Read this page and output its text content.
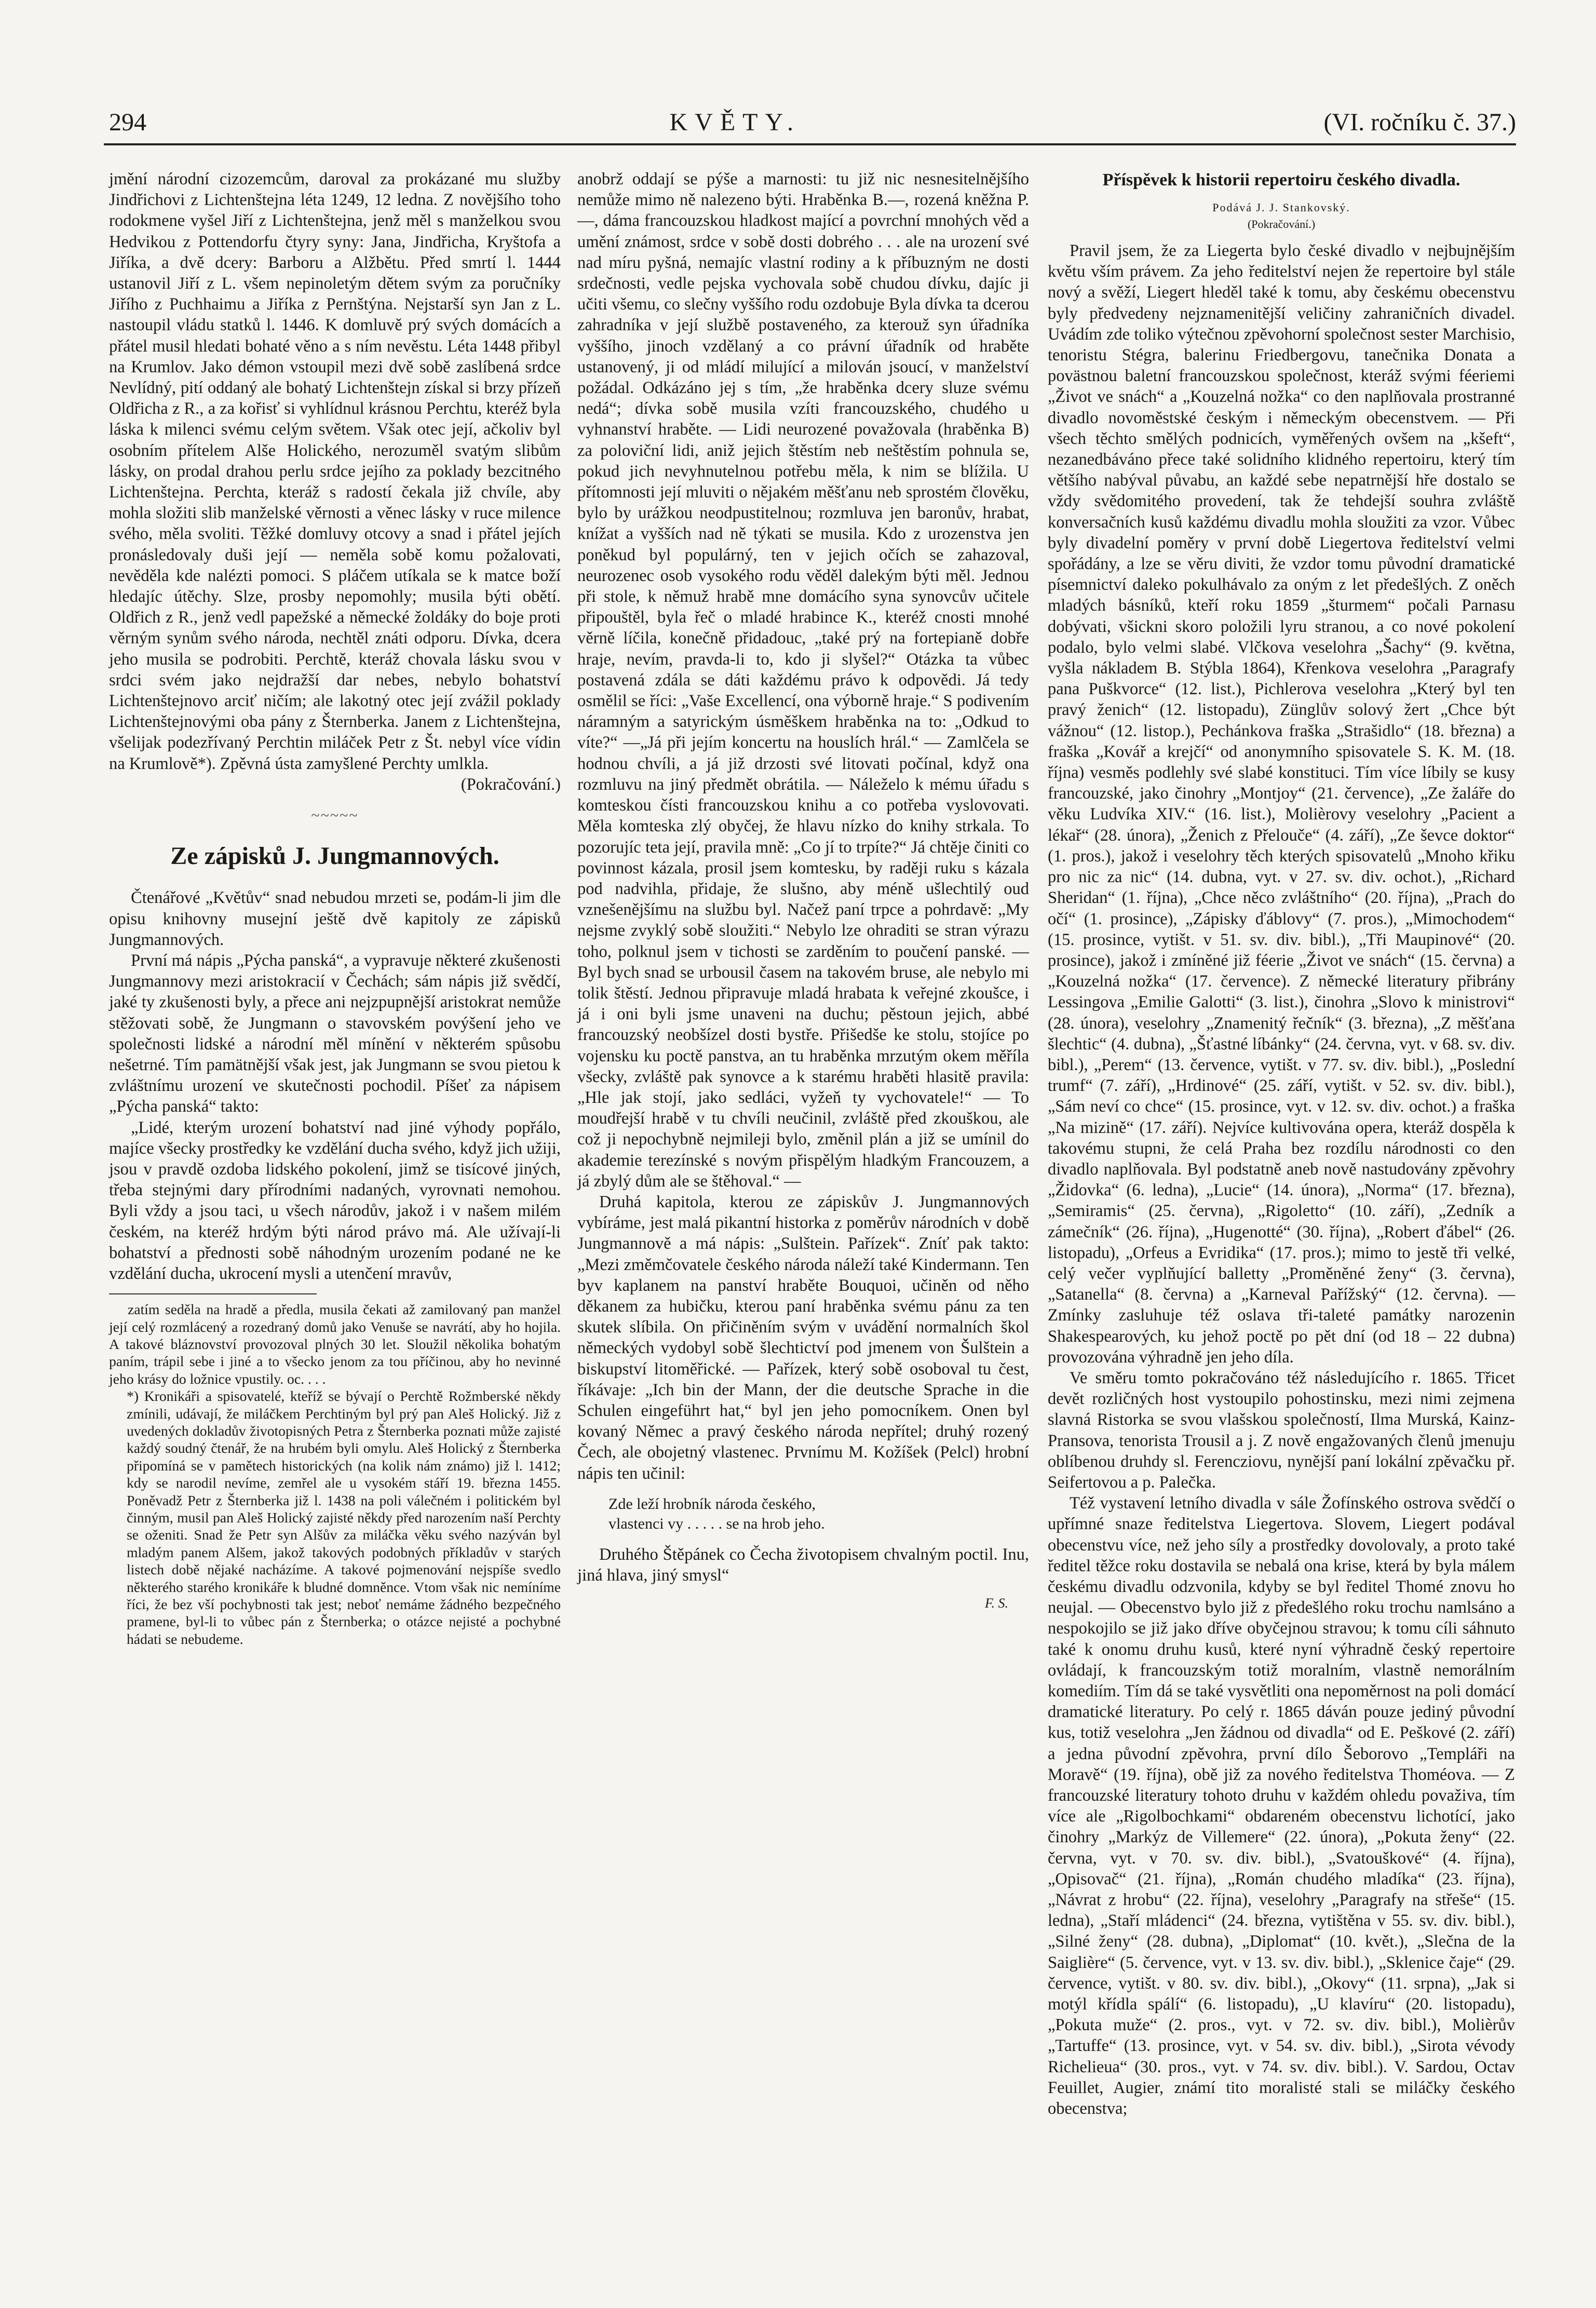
294	KVĚTY.	(VI. ročníku č. 37.)

jmění národní cizozemcům, daroval za prokázané mu služby Jindřichovi z Lichtenštejna léta 1249, 12 ledna. Z novějšího toho rodokmene vyšel Jiří z Lichtenštejna, jenž měl s manželkou svou Hedvikou z Pottendorfu čtyry syny: Jana, Jindřicha, Kryštofa a Jiříka, a dvě dcery: Barboru a Alžbětu. Před smrtí l. 1444 ustanovil Jiří z L. všem nepinoletým dětem svým za poručníky Jiřího z Puchhaimu a Jiříka z Pernštýna. Nejstarší syn Jan z L. nastoupil vládu statků l. 1446. K domluvě prý svých domácích a přátel musil hledati bohaté věno a s ním nevěstu. Léta 1448 přibyl na Krumlov. Jako démon vstoupil mezi dvě sobě zaslíbená srdce Nevlídný, pití oddaný ale bohatý Lichtenštejn získal si brzy přízeň Oldřicha z R., a za kořisť si vyhlídnul krásnou Perchtu, kteréž byla láska k milenci svému celým světem. Však otec její, ačkoliv byl osobním přítelem Alše Holického, nerozuměl svatým slibům lásky, on prodal drahou perlu srdce jejího za poklady bezcitného Lichtenštejna. Perchta, kteráž s radostí čekala již chvíle, aby mohla složiti slib manželské věrnosti a věnec lásky v ruce milence svého, měla svoliti. Těžké domluvy otcovy a snad i přátel jejích pronásledovaly duši její — neměla sobě komu požalovati, nevěděla kde nalézti pomoci. S pláčem utíkala se k matce boží hledajíc útěchy. Slze, prosby nepomohly; musila býti obětí. Oldřich z R., jenž vedl papežské a německé žoldáky do boje proti věrným synům svého národa, nechtěl znáti odporu. Dívka, dcera jeho musila se podrobiti. Perchtě, kteráž chovala lásku svou v srdci svém jako nejdražší dar nebes, nebylo bohatství Lichtenštejnovo arciť ničím; ale lakotný otec její zvážil poklady Lichtenštejnovými oba pány z Šternberka. Janem z Lichtenštejna, všelijak podezřívaný Perchtin miláček Petr z Št. nebyl více vídin na Krumlově*). Zpěvná ústa zamyšlené Perchty umlkla.

(Pokračování.)

~~~~~
Ze zápisků J. Jungmannových.

Čtenářové „Květův“ snad nebudou mrzeti se, podám-li jim dle opisu knihovny musejní ještě dvě kapitoly ze zápisků Jungmannových.

První má nápis „Pýcha panská“, a vypravuje některé zkušenosti Jungmannovy mezi aristokracií v Čechách; sám nápis již svědčí, jaké ty zkušenosti byly, a přece ani nejzpupnější aristokrat nemůže stěžovati sobě, že Jungmann o stavovském povýšení jeho ve společnosti lidské a národní měl mínění v některém spůsobu nešetrné. Tím pamätnější však jest, jak Jungmann se svou pietou k zvláštnímu urození ve skutečnosti pochodil. Píšeť za nápisem „Pýcha panská“ takto:

„Lidé, kterým urození bohatství nad jiné výhody popřálo, majíce všecky prostředky ke vzdělání ducha svého, když jich užiji, jsou v pravdě ozdoba lidského pokolení, jimž se tisícové jiných, třeba stejnými dary přírodními nadaných, vyrovnati nemohou. Byli vždy a jsou taci, u všech národův, jakož i v našem milém českém, na kteréž hrdým býti národ právo má. Ale užívají-li bohatství a přednosti sobě náhodným urozením podané ne ke vzdělání ducha, ukrocení mysli a utenčení mravův,

zatím seděla na hradě a předla, musila čekati až zamilovaný pan manžel její celý rozmlácený a rozedraný domů jako Venuše se navrátí, aby ho hojila. A takové bláznovství provozoval plných 30 let. Sloužil několika bohatým paním, trápil sebe i jiné a to všecko jenom za tou příčinou, aby ho nevinné jeho krásy do ložnice vpustily. oc. . . .

*) Kronikáři a spisovatelé, kteříž se bývají o Perchtě Rožmberské někdy zmínili, udávají, že miláčkem Perchtiným byl prý pan Aleš Holický. Již z uvedených dokladův životopisných Petra z Šternberka poznati může zajisté každý soudný čtenář, že na hrubém byli omylu. Aleš Holický z Šternberka připomíná se v pamětech historických (na kolik nám známo) již l. 1412; kdy se narodil nevíme, zemřel ale u vysokém stáří 19. března 1455. Poněvadž Petr z Šternberka již l. 1438 na poli válečném i politickém byl činným, musil pan Aleš Holický zajisté někdy před narozením naší Perchty se oženiti. Snad že Petr syn Alšův za miláčka věku svého nazýván byl mladým panem Alšem, jakož takových podobných příkladův v starých listech době nějaké nacházíme. A takové pojmenování nejspíše svedlo některého starého kronikáře k bludné domněnce. Vtom však nic nemíníme říci, že bez vší pochybnosti tak jest; neboť nemáme žádného bezpečného pramene, byl-li to vůbec pán z Šternberka; o otázce nejisté a pochybné hádati se nebudeme.

anobrž oddají se pýše a marnosti: tu již nic nesnesitelnějšího nemůže mimo ně nalezeno býti. Hraběnka B.—, rozená kněžna P.—, dáma francouzskou hladkost mající a povrchní mnohých věd a umění známost, srdce v sobě dosti dobrého . . . ale na urození své nad míru pyšná, nemajíc vlastní rodiny a k příbuzným ne dosti srdečnosti, vedle pejska vychovala sobě chudou dívku, dajíc ji učiti všemu, co slečny vyššího rodu ozdobuje Byla dívka ta dcerou zahradníka v její službě postaveného, za kterouž syn úřadníka vyššího, jinoch vzdělaný a co právní úřadník od hraběte ustanovený, ji od mládí milující a milován jsoucí, v manželství požádal. Odkázáno jej s tím, „že hraběnka dcery sluze svému nedá“; dívka sobě musila vzíti francouzského, chudého u vyhnanství hraběte. — Lidi neurozené považovala (hraběnka B) za poloviční lidi, aniž jejich štěstím neb neštěstím pohnula se, pokud jich nevyhnutelnou potřebu měla, k nim se blížila. U přítomnosti její mluviti o nějakém měšťanu neb sprostém člověku, bylo by urážkou neodpustitelnou; rozmluva jen baronův, hrabat, knížat a vyšších nad ně týkati se musila. Kdo z urozenstva jen poněkud byl populárný, ten v jejich očích se zahazoval, neurozenec osob vysokého rodu věděl dalekým býti měl. Jednou při stole, k němuž hrabě mne domácího syna synovcův učitele připouštěl, byla řeč o mladé hrabince K., kteréž cnosti mnohé věrně líčila, konečně přidadouc, „také prý na fortepianě dobře hraje, nevím, pravda-li to, kdo ji slyšel?“ Otázka ta vůbec postavená zdála se dáti každému právo k odpovědi. Já tedy osmělil se říci: „Vaše Excellencí, ona výborně hraje.“ S podivením náramným a satyrickým úsměškem hraběnka na to: „Odkud to víte?“ —„Já při jejím koncertu na houslích hrál.“ — Zamlčela se hodnou chvíli, a já již drzosti své litovati počínal, když ona rozmluvu na jiný předmět obrátila. — Náleželo k mému úřadu s komteskou čísti francouzskou knihu a co potřeba vyslovovati. Měla komteska zlý obyčej, že hlavu nízko do knihy strkala. To pozorujíc teta její, pravila mně: „Co jí to trpíte?“ Já chtěje činiti co povinnost kázala, prosil jsem komtesku, by raději ruku s kázala pod nadvihla, přidaje, že slušno, aby méně ušlechtilý oud vznešenějšímu na službu byl. Načež paní trpce a pohrdavě: „My nejsme zvyklý sobě sloužiti.“ Nebylo lze ohraditi se stran výrazu toho, polknul jsem v tichosti se zarděním to poučení panské. — Byl bych snad se urbousil časem na takovém bruse, ale nebylo mi tolik štěstí. Jednou připravuje mladá hrabata k veřejné zkoušce, i já i oni byli jsme unaveni na duchu; pěstoun jejich, abbé francouzský neobšízel dosti bystře. Přišedše ke stolu, stojíce po vojensku ku poctě panstva, an tu hraběnka mrzutým okem měříla všecky, zvláště pak synovce a k starému hraběti hlasitě pravila: „Hle jak stojí, jako sedláci, vyžeň ty vychovatele!“ — To moudřejší hrabě v tu chvíli neučinil, zvláště před zkouškou, ale což ji nepochybně nejmileji bylo, změnil plán a již se umínil do akademie terezínské s novým přispělým hladkým Francouzem, a já zbylý dům ale se štěhoval.“ —

Druhá kapitola, kterou ze zápiskův J. Jungmannových vybíráme, jest malá pikantní historka z poměrův národních v době Jungmannově a má nápis: „Sulštein. Pařízek“. Zníť pak takto: „Mezi změmčovatele českého národa náleží také Kindermann. Ten byv kaplanem na panství hraběte Bouquoi, učiněn od něho děkanem za hubičku, kterou paní hraběnka svému pánu za ten skutek slíbila. On přičiněním svým v uvádění normalních škol německých vydobyl sobě šlechtictví pod jmenem von Šulštein a biskupství litoměřické. — Pařízek, který sobě osoboval tu čest, říkávaje: „Ich bin der Mann, der die deutsche Sprache in die Schulen eingeführt hat,“ byl jen jeho pomocníkem. Onen byl kovaný Němec a pravý českého národa nepřítel; druhý rozený Čech, ale obojetný vlastenec. Prvnímu M. Kožíšek (Pelcl) hrobní nápis ten učinil:

Zde leží hrobník národa českého,
vlastenci vy . . . . . se na hrob jeho.

Druhého Štěpánek co Čecha životopisem chvalným poctil. Inu, jiná hlava, jiný smysl“

F. S.
Příspěvek k historii repertoiru českého divadla.
Podává J. J. Stankovský.
(Pokračování.)

Pravil jsem, že za Liegerta bylo české divadlo v nejbujnějším květu vším právem. Za jeho ředitelství nejen že repertoire byl stále nový a svěží, Liegert hleděl také k tomu, aby českému obecenstvu byly předvedeny nejznamenitější veličiny zahraničních divadel. Uvádím zde toliko výtečnou zpěvohorní společnost sester Marchisio, tenoristu Stégra, balerinu Friedbergovu, tanečnika Donata a povästnou baletní francouzskou společnost, kteráž svými féeriemi „Život ve snách“ a „Kouzelná nožka“ co den naplňovala prostranné divadlo novoměstské českým i německým obecenstvem. — Při všech těchto smělých podnicích, vyměřených ovšem na „kšeft“, nezanedbáváno přece také solidního klidného repertoiru, který tím většího nabýval půvabu, an každé sebe nepatrnější hře dostalo se vždy svědomitého provedení, tak že tehdejší souhra zvláště konversačních kusů každému divadlu mohla sloužiti za vzor. Vůbec byly divadelní poměry v první době Liegertova ředitelství velmi spořádány, a lze se věru diviti, že vzdor tomu původní dramatické písemnictví daleko pokulhávalo za oným z let předešlých. Z oněch mladých básníků, kteří roku 1859 „šturmem“ počali Parnasu dobývati, všickni skoro položili lyru stranou, a co nové pokolení podalo, bylo velmi slabé. Vlčkova veselohra „Šachy“ (9. května, vyšla nákladem B. Stýbla 1864), Křenkova veselohra „Paragrafy pana Puškvorce“ (12. list.), Pichlerova veselohra „Který byl ten pravý ženich“ (12. listopadu), Zünglův solový žert „Chce být vážnou“ (12. listop.), Pechánkova fraška „Strašidlo“ (18. března) a fraška „Kovář a krejčí“ od anonymního spisovatele S. K. M. (18. října) vesměs podlehly své slabé konstituci. Tím více líbily se kusy francouzské, jako činohry „Montjoy“ (21. července), „Ze žaláře do věku Ludvíka XIV.“ (16. list.), Molièrovy veselohry „Pacient a lékař“ (28. února), „Ženich z Přelouče“ (4. září), „Ze ševce doktor“ (1. pros.), jakož i veselohry těch kterých spisovatelů „Mnoho křiku pro nic za nic“ (14. dubna, vyt. v 27. sv. div. ochot.), „Richard Sheridan“ (1. října), „Chce něco zvláštního“ (20. října), „Prach do očí“ (1. prosince), „Zápisky ďáblovy“ (7. pros.), „Mimochodem“ (15. prosince, vytišt. v 51. sv. div. bibl.), „Tři Maupinové“ (20. prosince), jakož i zmíněné již féerie „Život ve snách“ (15. června) a „Kouzelná nožka“ (17. července). Z německé literatury přibrány Lessingova „Emilie Galotti“ (3. list.), činohra „Slovo k ministrovi“ (28. února), veselohry „Znamenitý řečník“ (3. března), „Z měšťana šlechtic“ (4. dubna), „Šťastné líbánky“ (24. června, vyt. v 68. sv. div. bibl.), „Perem“ (13. července, vytišt. v 77. sv. div. bibl.), „Poslední trumf“ (7. září), „Hrdinové“ (25. září, vytišt. v 52. sv. div. bibl.), „Sám neví co chce“ (15. prosince, vyt. v 12. sv. div. ochot.) a fraška „Na mizině“ (17. září). Nejvíce kultivována opera, kteráž dospěla k takovému stupni, že celá Praha bez rozdílu národnosti co den divadlo naplňovala. Byl podstatně aneb nově nastudovány zpěvohry „Židovka“ (6. ledna), „Lucie“ (14. února), „Norma“ (17. března), „Semiramis“ (25. června), „Rigoletto“ (10. září), „Zedník a zámečník“ (26. října), „Hugenotté“ (30. října), „Robert ďábel“ (26. listopadu), „Orfeus a Evridika“ (17. pros.); mimo to jestě tři velké, celý večer vyplňující balletty „Proměněné ženy“ (3. června), „Satanella“ (8. června) a „Karneval Pařížský“ (12. června). — Zmínky zasluhuje též oslava tři-taleté památky narozenin Shakespearových, ku jehož poctě po pět dní (od 18 – 22 dubna) provozována výhradně jen jeho díla.

Ve směru tomto pokračováno též následujícího r. 1865. Třicet devět rozličných host vystoupilo pohostinsku, mezi nimi zejmena slavná Ristorka se svou vlašskou společností, Ilma Murská, Kainz-Pransova, tenorista Trousil a j. Z nově engažovaných členů jmenuju oblíbenou druhdy sl. Ferencziovu, nynější paní lokální zpěvačku př. Seifertovou a p. Palečka.

Též vystavení letního divadla v sále Žofínského ostrova svědčí o upřímné snaze ředitelstva Liegertova. Slovem, Liegert podával obecenstvu více, než jeho síly a prostředky dovolovaly, a proto také ředitel těžce roku dostavila se nebalá ona krise, která by byla málem českému divadlu odzvonila, kdyby se byl ředitel Thomé znovu ho neujal. — Obecenstvo bylo již z předešlého roku trochu namlsáno a nespokojilo se již jako dříve obyčejnou stravou; k tomu cíli sáhnuto také k onomu druhu kusů, které nyní výhradně český repertoire ovládají, k francouzským totiž moralním, vlastně nemorálním komediím. Tím dá se také vysvětliti ona nepoměrnost na poli domácí dramatické literatury. Po celý r. 1865 dáván pouze jediný původní kus, totiž veselohra „Jen žádnou od divadla“ od E. Peškové (2. září) a jedna původní zpěvohra, první dílo Šeborovo „Templáři na Moravě“ (19. října), obě již za nového ředitelstva Thoméova. — Z francouzské literatury tohoto druhu v každém ohledu považiva, tím více ale „Rigolbochkami“ obdareném obecenstvu lichotící, jako činohry „Markýz de Villemere“ (22. února), „Pokuta ženy“ (22. června, vyt. v 70. sv. div. bibl.), „Svatouškové“ (4. října), „Opisovač“ (21. října), „Román chudého mladíka“ (23. října), „Návrat z hrobu“ (22. října), veselohry „Paragrafy na střeše“ (15. ledna), „Staří mládenci“ (24. března, vytištěna v 55. sv. div. bibl.), „Silné ženy“ (28. dubna), „Diplomat“ (10. květ.), „Slečna de la Saiglière“ (5. července, vyt. v 13. sv. div. bibl.), „Sklenice čaje“ (29. července, vytišt. v 80. sv. div. bibl.), „Okovy“ (11. srpna), „Jak si motýl křídla spálí“ (6. listopadu), „U klavíru“ (20. listopadu), „Pokuta muže“ (2. pros., vyt. v 72. sv. div. bibl.), Molièrův „Tartuffe“ (13. prosince, vyt. v 54. sv. div. bibl.), „Sirota vévody Richelieua“ (30. pros., vyt. v 74. sv. div. bibl.). V. Sardou, Octav Feuillet, Augier, známí tito moralisté stali se miláčky českého obecenstva;
